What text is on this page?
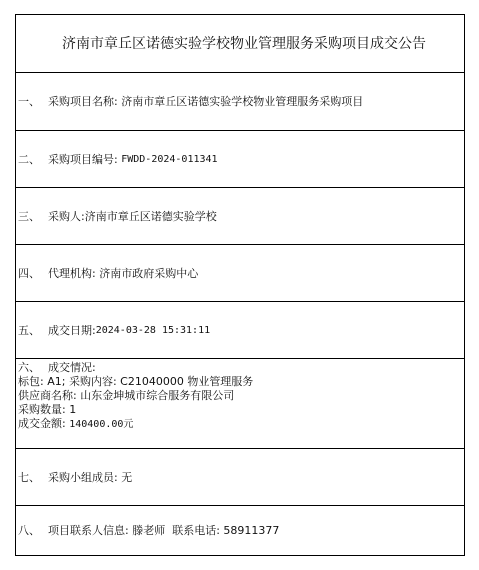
济南市章丘区诺德实验学校物业管理服务采购项目成交公告
一、 采购项目名称:
济南市章丘区诺德实验学校物业管理服务采购项目
二、 采购项目编号:
FWDD-2024-011341
三、 采购人: 济南市章丘区诺德实验学校
四、 代理机构:
济南市政府采购中心
五、 成交日期: 2024-03-28 15:31:11
六、 成交情况:
标包: A1; 采购内容: C21040000 物业管理服务
供应商名称: 山东金坤城市综合服务有限公司
采购数量: 1
成交金额: 140400.00元
七、 采购小组成员:
无
八、 项目联系人信息:
滕老师  联系电话: 58911377
